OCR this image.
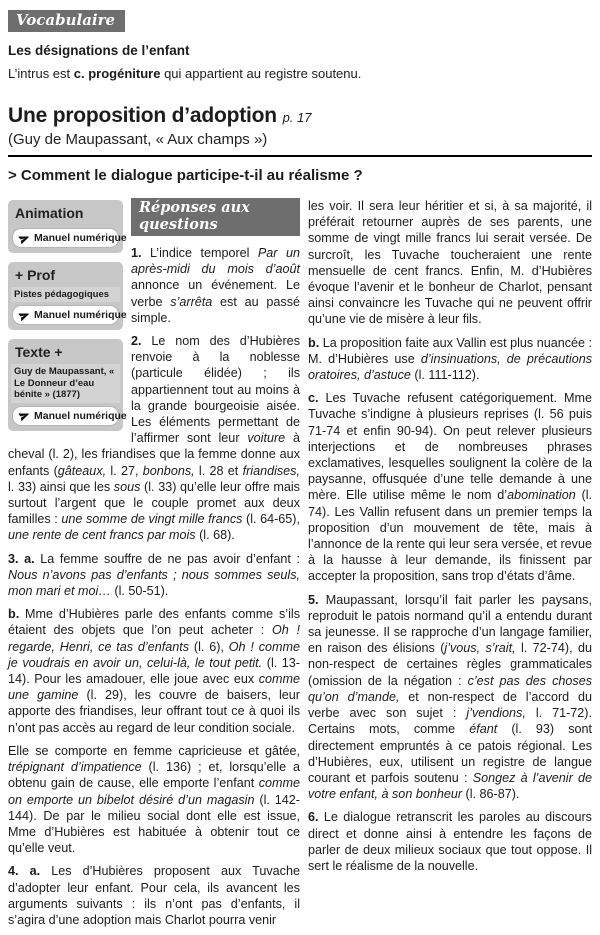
Vocabulaire
Les désignations de l’enfant
L’intrus est c. progéniture qui appartient au registre soutenu.
Une proposition d’adoption p. 17
(Guy de Maupassant, « Aux champs »)
> Comment le dialogue participe-t-il au réalisme ?
Animation
Manuel numérique
+ Prof
Pistes pédagogiques
Manuel numérique
Texte +
Guy de Maupassant, « Le Donneur d’eau bénite » (1877)
Manuel numérique
Réponses aux questions

1. L’indice temporel Par un après-midi du mois d’août annonce un événement. Le verbe s’arrêta est au passé simple.

2. Le nom des d’Hubières renvoie à la noblesse (particule élidée) ; ils appartiennent tout au moins à la grande bourgeoisie aisée. Les éléments permettant de l’affirmer sont leur voiture à cheval (l. 2), les friandises que la femme donne aux enfants (gâteaux, l. 27, bonbons, l. 28 et friandises, l. 33) ainsi que les sous (l. 33) qu’elle leur offre mais surtout l’argent que le couple promet aux deux familles : une somme de vingt mille francs (l. 64-65), une rente de cent francs par mois (l. 68).

3. a. La femme souffre de ne pas avoir d’enfant : Nous n’avons pas d’enfants ; nous sommes seuls, mon mari et moi… (l. 50-51).

b. Mme d’Hubières parle des enfants comme s’ils étaient des objets que l’on peut acheter : Oh ! regarde, Henri, ce tas d’enfants (l. 6), Oh ! comme je voudrais en avoir un, celui-là, le tout petit. (l. 13-14). Pour les amadouer, elle joue avec eux comme une gamine (l. 29), les couvre de baisers, leur apporte des friandises, leur offrant tout ce à quoi ils n’ont pas accès au regard de leur condition sociale.

Elle se comporte en femme capricieuse et gâtée, trépignant d’impatience (l. 136) ; et, lorsqu’elle a obtenu gain de cause, elle emporte l’enfant comme on emporte un bibelot désiré d’un magasin (l. 142-144). De par le milieu social dont elle est issue, Mme d’Hubières est habituée à obtenir tout ce qu’elle veut.

4. a. Les d’Hubières proposent aux Tuvache d’adopter leur enfant. Pour cela, ils avancent les arguments suivants : ils n’ont pas d’enfants, il s’agira d’une adoption mais Charlot pourra venir

les voir. Il sera leur héritier et si, à sa majorité, il préférait retourner auprès de ses parents, une somme de vingt mille francs lui serait versée. De surcroît, les Tuvache toucheraient une rente mensuelle de cent francs. Enfin, M. d’Hubières évoque l’avenir et le bonheur de Charlot, pensant ainsi convaincre les Tuvache qui ne peuvent offrir qu’une vie de misère à leur fils.

b. La proposition faite aux Vallin est plus nuancée : M. d’Hubières use d’insinuations, de précautions oratoires, d’astuce (l. 111-112).

c. Les Tuvache refusent catégoriquement. Mme Tuvache s’indigne à plusieurs reprises (l. 56 puis 71-74 et enfin 90-94). On peut relever plusieurs interjections et de nombreuses phrases exclamatives, lesquelles soulignent la colère de la paysanne, offusquée d’une telle demande à une mère. Elle utilise même le nom d’abomination (l. 74). Les Vallin refusent dans un premier temps la proposition d’un mouvement de tête, mais à l’annonce de la rente qui leur sera versée, et revue à la hausse à leur demande, ils finissent par accepter la proposition, sans trop d’états d’âme.

5. Maupassant, lorsqu’il fait parler les paysans, reproduit le patois normand qu’il a entendu durant sa jeunesse. Il se rapproche d’un langage familier, en raison des élisions (j’vous, s’rait, l. 72-74), du non-respect de certaines règles grammaticales (omission de la négation : c’est pas des choses qu’on d’mande, et non-respect de l’accord du verbe avec son sujet : j’vendions, l. 71-72). Certains mots, comme éfant (l. 93) sont directement empruntés à ce patois régional. Les d’Hubières, eux, utilisent un registre de langue courant et parfois soutenu : Songez à l’avenir de votre enfant, à son bonheur (l. 86-87).

6. Le dialogue retranscrit les paroles au discours direct et donne ainsi à entendre les façons de parler de deux milieux sociaux que tout oppose. Il sert le réalisme de la nouvelle.
